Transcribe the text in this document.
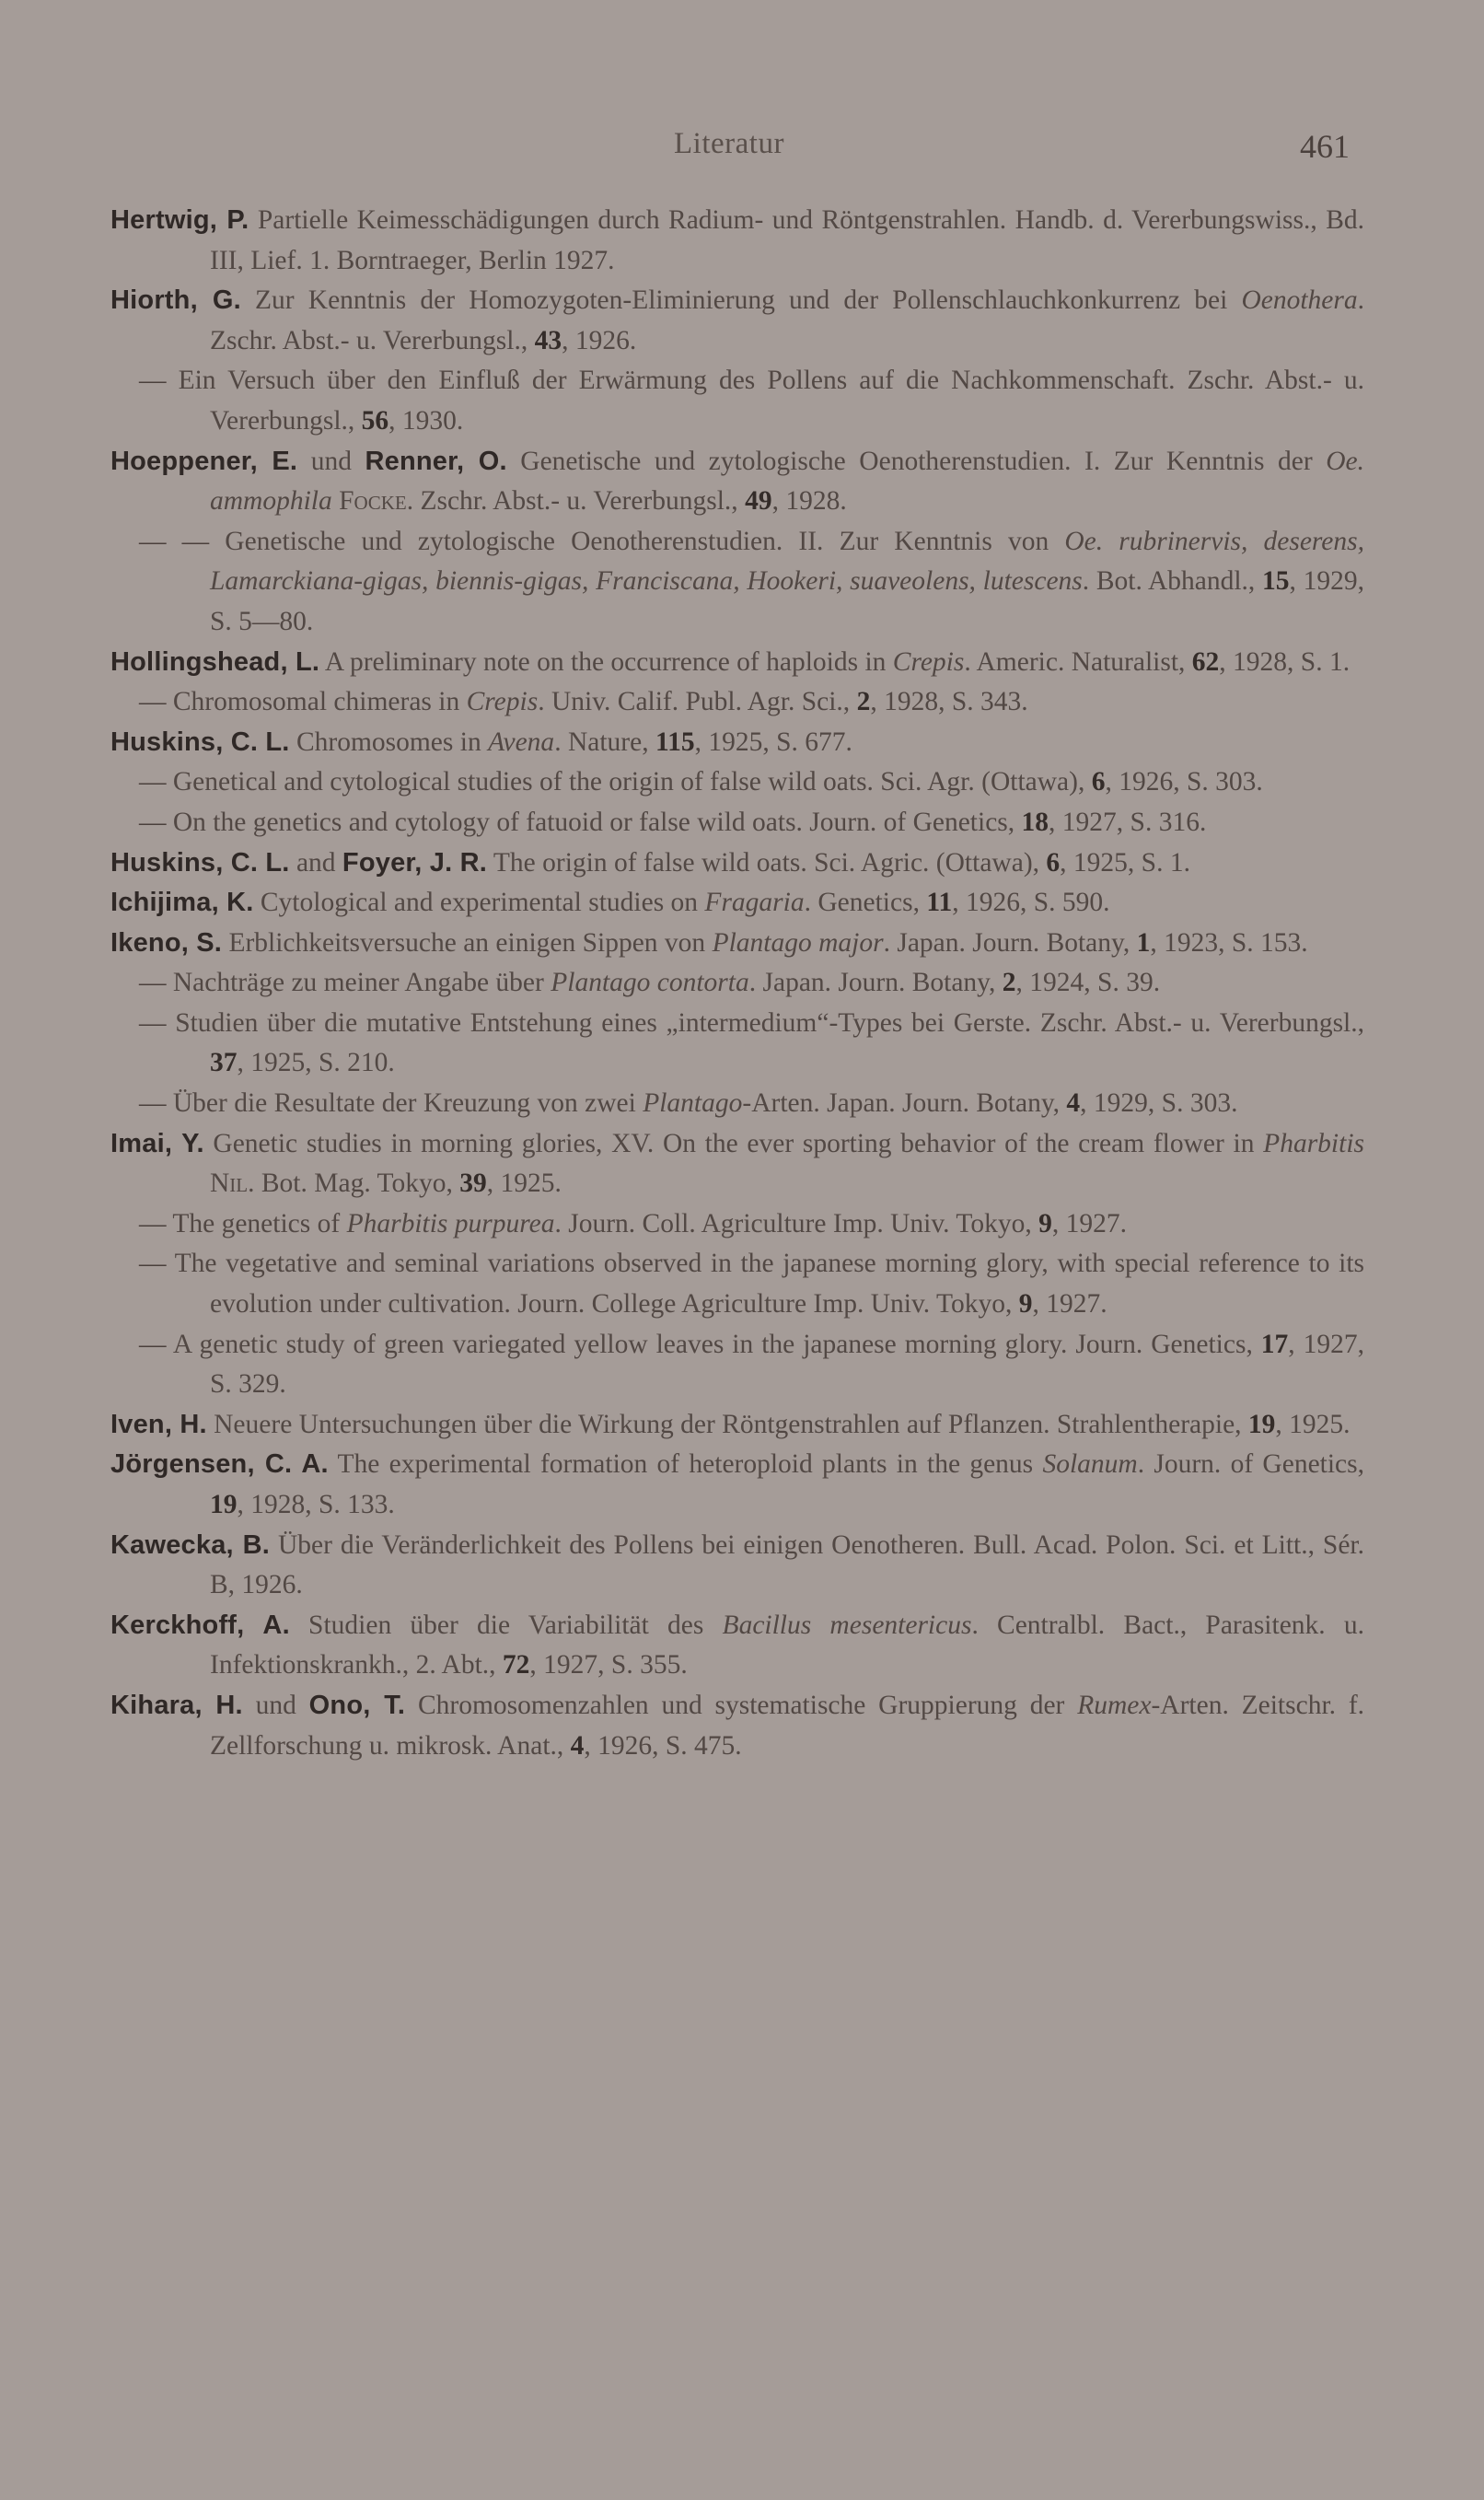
Literatur	461

Hertwig, P. Partielle Keimesschädigungen durch Radium- und Röntgenstrahlen. Handb. d. Vererbungswiss., Bd. III, Lief. 1. Borntraeger, Berlin 1927.

Hiorth, G. Zur Kenntnis der Homozygoten-Eliminierung und der Pollenschlauchkonkurrenz bei Oenothera. Zschr. Abst.- u. Vererbungsl., 43, 1926.

— Ein Versuch über den Einfluß der Erwärmung des Pollens auf die Nachkommenschaft. Zschr. Abst.- u. Vererbungsl., 56, 1930.

Hoeppener, E. und Renner, O. Genetische und zytologische Oenotherenstudien. I. Zur Kenntnis der Oe. ammophila Focke. Zschr. Abst.- u. Vererbungsl., 49, 1928.

— — Genetische und zytologische Oenotherenstudien. II. Zur Kenntnis von Oe. rubrinervis, deserens, Lamarckiana-gigas, biennis-gigas, Franciscana, Hookeri, suaveolens, lutescens. Bot. Abhandl., 15, 1929, S. 5—80.

Hollingshead, L. A preliminary note on the occurrence of haploids in Crepis. Americ. Naturalist, 62, 1928, S. 1.

— Chromosomal chimeras in Crepis. Univ. Calif. Publ. Agr. Sci., 2, 1928, S. 343.

Huskins, C. L. Chromosomes in Avena. Nature, 115, 1925, S. 677.

— Genetical and cytological studies of the origin of false wild oats. Sci. Agr. (Ottawa), 6, 1926, S. 303.

— On the genetics and cytology of fatuoid or false wild oats. Journ. of Genetics, 18, 1927, S. 316.

Huskins, C. L. and Foyer, J. R. The origin of false wild oats. Sci. Agric. (Ottawa), 6, 1925, S. 1.

Ichijima, K. Cytological and experimental studies on Fragaria. Genetics, 11, 1926, S. 590.

Ikeno, S. Erblichkeitsversuche an einigen Sippen von Plantago major. Japan. Journ. Botany, 1, 1923, S. 153.

— Nachträge zu meiner Angabe über Plantago contorta. Japan. Journ. Botany, 2, 1924, S. 39.

— Studien über die mutative Entstehung eines „intermedium“-Types bei Gerste. Zschr. Abst.- u. Vererbungsl., 37, 1925, S. 210.

— Über die Resultate der Kreuzung von zwei Plantago-Arten. Japan. Journ. Botany, 4, 1929, S. 303.

Imai, Y. Genetic studies in morning glories, XV. On the ever sporting behavior of the cream flower in Pharbitis Nil. Bot. Mag. Tokyo, 39, 1925.

— The genetics of Pharbitis purpurea. Journ. Coll. Agriculture Imp. Univ. Tokyo, 9, 1927.

— The vegetative and seminal variations observed in the japanese morning glory, with special reference to its evolution under cultivation. Journ. College Agriculture Imp. Univ. Tokyo, 9, 1927.

— A genetic study of green variegated yellow leaves in the japanese morning glory. Journ. Genetics, 17, 1927, S. 329.

Iven, H. Neuere Untersuchungen über die Wirkung der Röntgenstrahlen auf Pflanzen. Strahlentherapie, 19, 1925.

Jörgensen, C. A. The experimental formation of heteroploid plants in the genus Solanum. Journ. of Genetics, 19, 1928, S. 133.

Kawecka, B. Über die Veränderlichkeit des Pollens bei einigen Oenotheren. Bull. Acad. Polon. Sci. et Litt., Sér. B, 1926.

Kerckhoff, A. Studien über die Variabilität des Bacillus mesentericus. Centralbl. Bact., Parasitenk. u. Infektionskrankh., 2. Abt., 72, 1927, S. 355.

Kihara, H. und Ono, T. Chromosomenzahlen und systematische Gruppierung der Rumex-Arten. Zeitschr. f. Zellforschung u. mikrosk. Anat., 4, 1926, S. 475.
